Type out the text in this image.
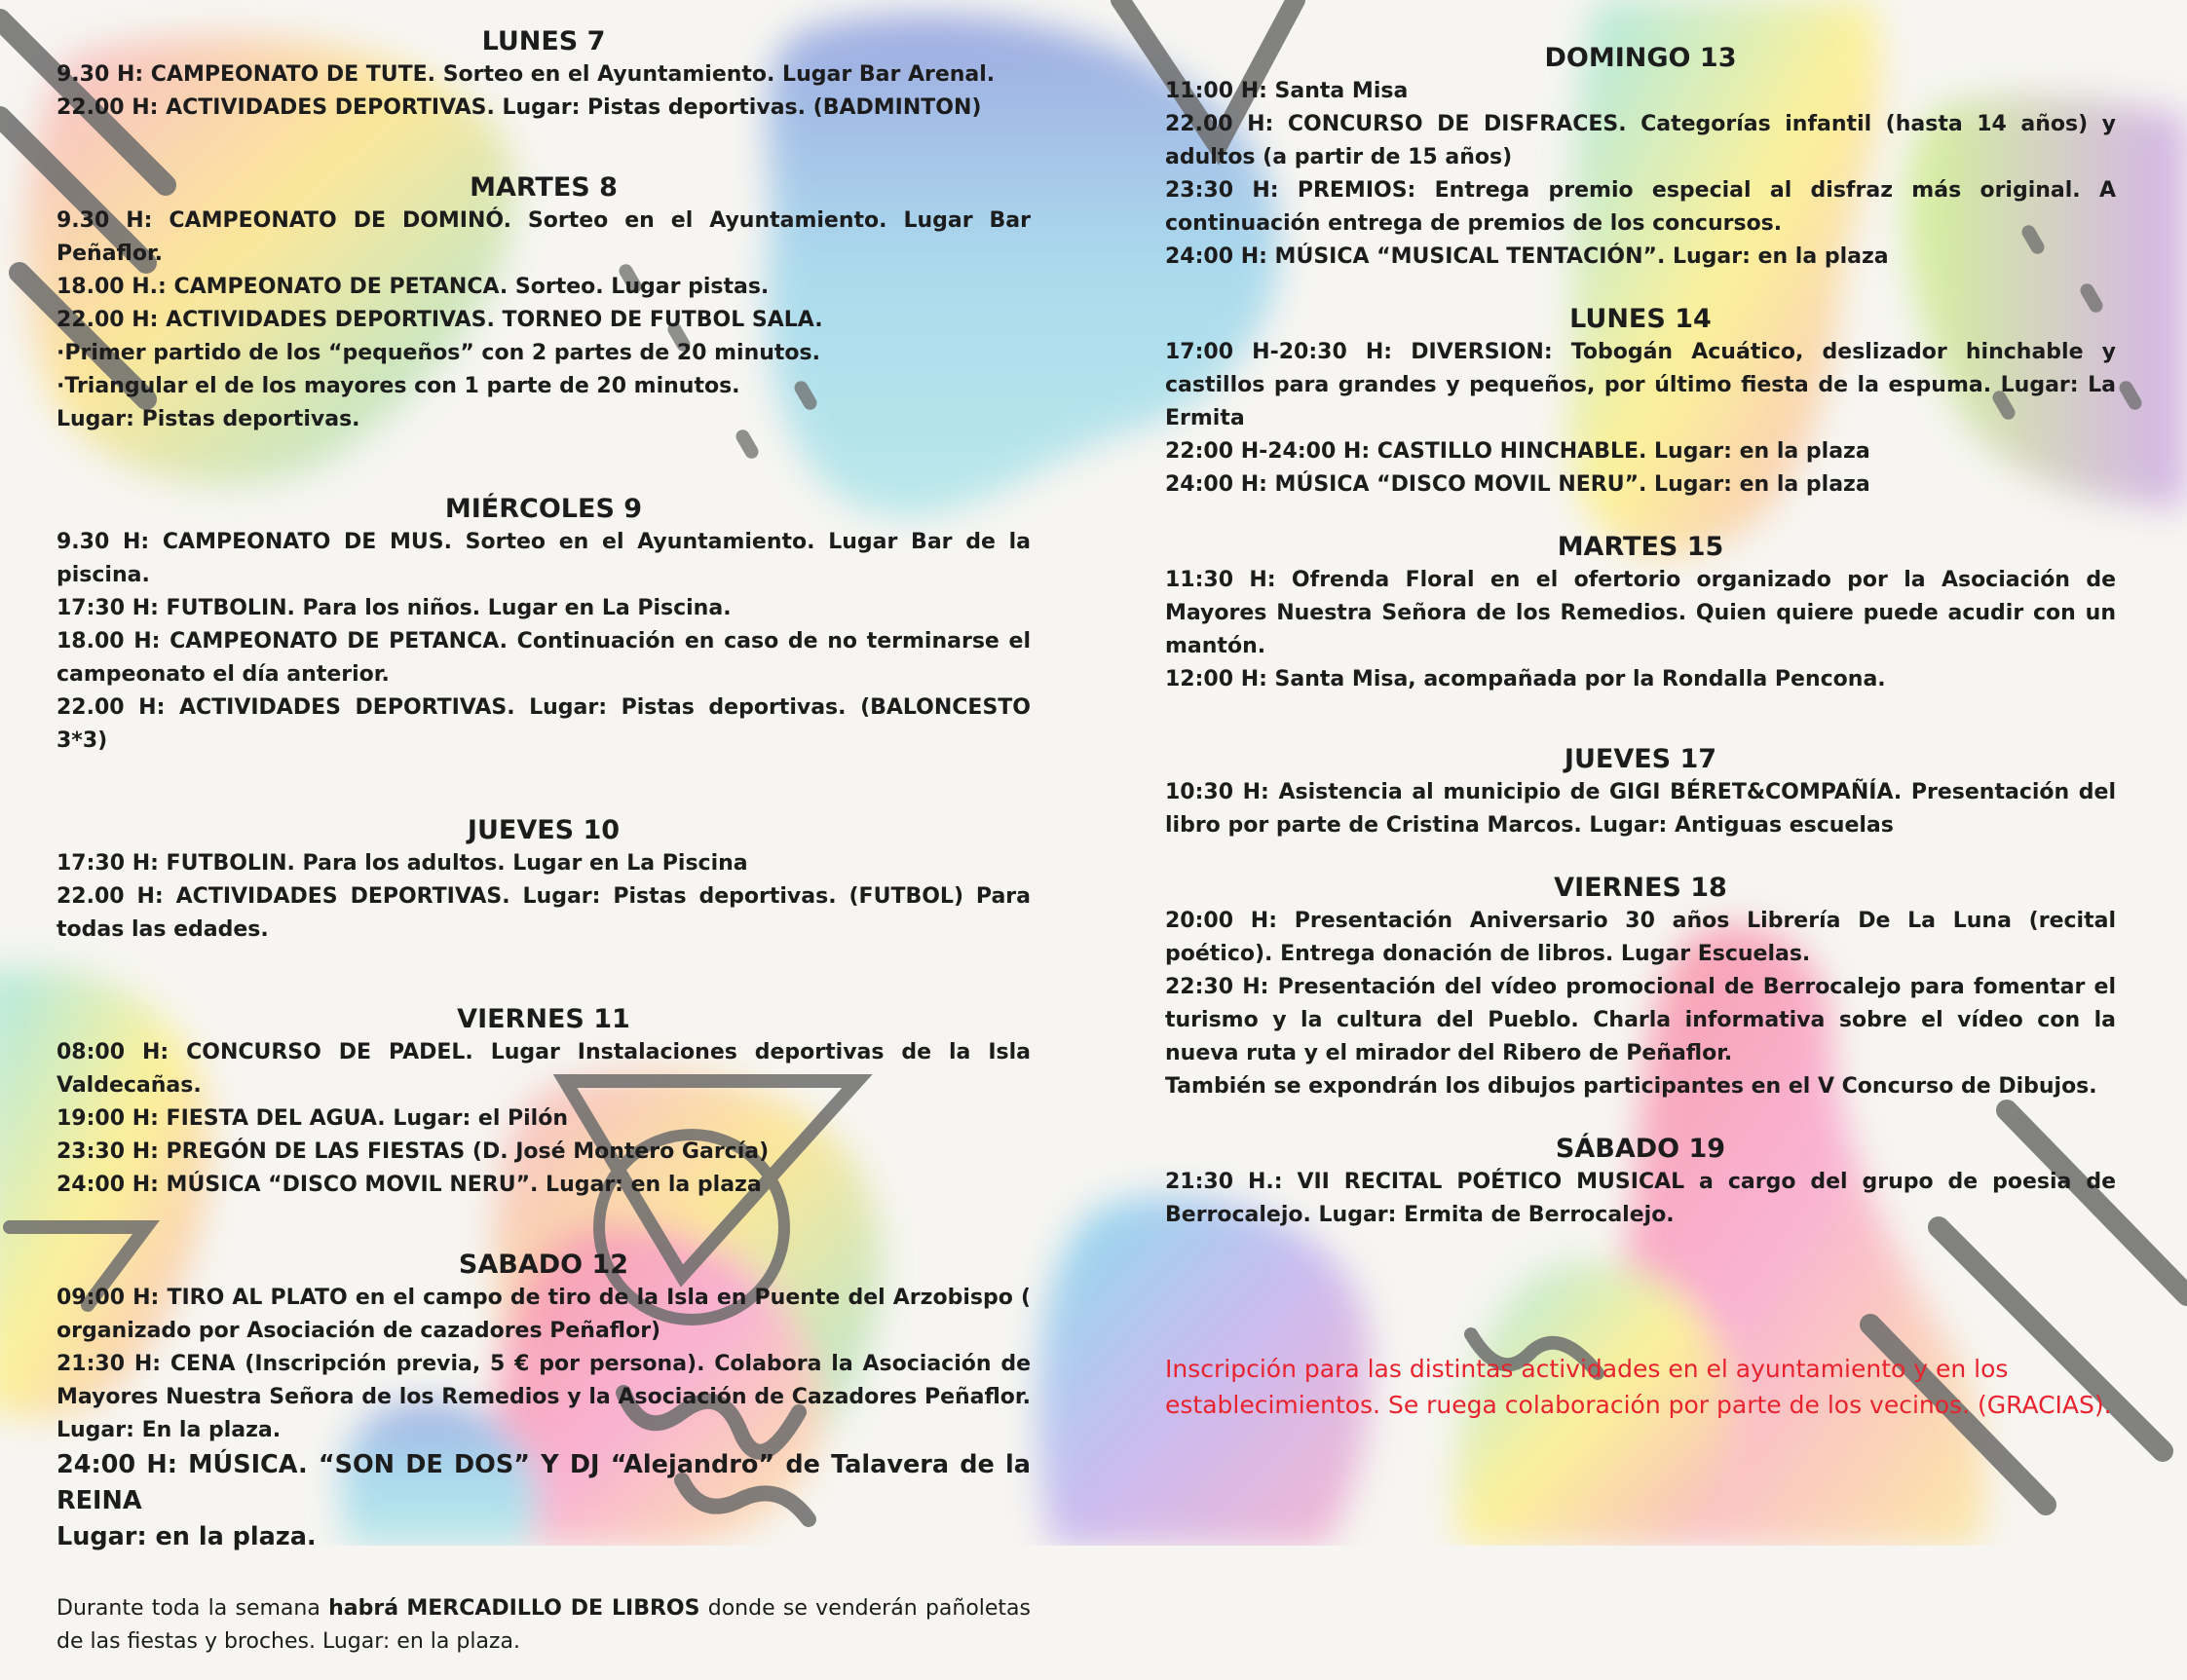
LUNES 7

9.30 H: CAMPEONATO DE TUTE. Sorteo en el Ayuntamiento. Lugar Bar Arenal.

22.00 H: ACTIVIDADES DEPORTIVAS. Lugar: Pistas deportivas. (BADMINTON)

MARTES 8

9.30 H: CAMPEONATO DE DOMINÓ. Sorteo en el Ayuntamiento. Lugar Bar Peñaflor.

18.00 H.: CAMPEONATO DE PETANCA. Sorteo. Lugar pistas.

22.00 H: ACTIVIDADES DEPORTIVAS. TORNEO DE FUTBOL SALA.

·Primer partido de los “pequeños” con 2 partes de 20 minutos.

·Triangular el de los mayores con 1 parte de 20 minutos.

Lugar: Pistas deportivas.

MIÉRCOLES 9

9.30 H: CAMPEONATO DE MUS. Sorteo en el Ayuntamiento. Lugar Bar de la piscina.

17:30 H: FUTBOLIN. Para los niños. Lugar en La Piscina.

18.00 H: CAMPEONATO DE PETANCA. Continuación en caso de no terminarse el campeonato el día anterior.

22.00 H: ACTIVIDADES DEPORTIVAS. Lugar: Pistas deportivas. (BALONCESTO 3*3)

JUEVES 10

17:30 H: FUTBOLIN. Para los adultos. Lugar en La Piscina

22.00 H: ACTIVIDADES DEPORTIVAS. Lugar: Pistas deportivas. (FUTBOL) Para todas las edades.

VIERNES 11

08:00 H: CONCURSO DE PADEL. Lugar Instalaciones deportivas de la Isla Valdecañas.

19:00 H: FIESTA DEL AGUA. Lugar: el Pilón

23:30 H: PREGÓN DE LAS FIESTAS (D. José Montero García)

24:00 H: MÚSICA “DISCO MOVIL NERU”. Lugar: en la plaza

SABADO 12

09:00 H: TIRO AL PLATO en el campo de tiro de la Isla en Puente del Arzobispo ( organizado por Asociación de cazadores Peñaflor)

21:30 H: CENA (Inscripción previa, 5 € por persona). Colabora la Asociación de Mayores Nuestra Señora de los Remedios y la Asociación de Cazadores Peñaflor. Lugar: En la plaza.

24:00 H: MÚSICA. “SON DE DOS” Y DJ “Alejandro” de Talavera de la REINA

Lugar: en la plaza.

Durante toda la semana habrá MERCADILLO DE LIBROS donde se venderán pañoletas de las fiestas y broches. Lugar: en la plaza.

DOMINGO 13

11:00 H: Santa Misa

22.00 H: CONCURSO DE DISFRACES. Categorías infantil (hasta 14 años) y adultos (a partir de 15 años)

23:30 H: PREMIOS: Entrega premio especial al disfraz más original. A continuación entrega de premios de los concursos.

24:00 H: MÚSICA “MUSICAL TENTACIÓN”. Lugar: en la plaza

LUNES 14

17:00 H-20:30 H: DIVERSION: Tobogán Acuático, deslizador hinchable y castillos para grandes y pequeños, por último fiesta de la espuma. Lugar: La Ermita

22:00 H-24:00 H: CASTILLO HINCHABLE. Lugar: en la plaza

24:00 H: MÚSICA “DISCO MOVIL NERU”. Lugar: en la plaza

MARTES 15

11:30 H: Ofrenda Floral en el ofertorio organizado por la Asociación de Mayores Nuestra Señora de los Remedios. Quien quiere puede acudir con un mantón.

12:00 H: Santa Misa, acompañada por la Rondalla Pencona.

JUEVES 17

10:30 H: Asistencia al municipio de GIGI BÉRET&COMPAÑÍA. Presentación del libro por parte de Cristina Marcos. Lugar: Antiguas escuelas

VIERNES 18

20:00 H: Presentación Aniversario 30 años Librería De La Luna (recital poético). Entrega donación de libros. Lugar Escuelas.

22:30 H: Presentación del vídeo promocional de Berrocalejo para fomentar el turismo y la cultura del Pueblo. Charla informativa sobre el vídeo con la nueva ruta y el mirador del Ribero de Peñaflor.

También se expondrán los dibujos participantes en el V Concurso de Dibujos.

SÁBADO 19

21:30 H.: VII RECITAL POÉTICO MUSICAL a cargo del grupo de poesia de Berrocalejo. Lugar: Ermita de Berrocalejo.

Inscripción para las distintas actividades en el ayuntamiento y en los establecimientos. Se ruega colaboración por parte de los vecinos. (GRACIAS).
